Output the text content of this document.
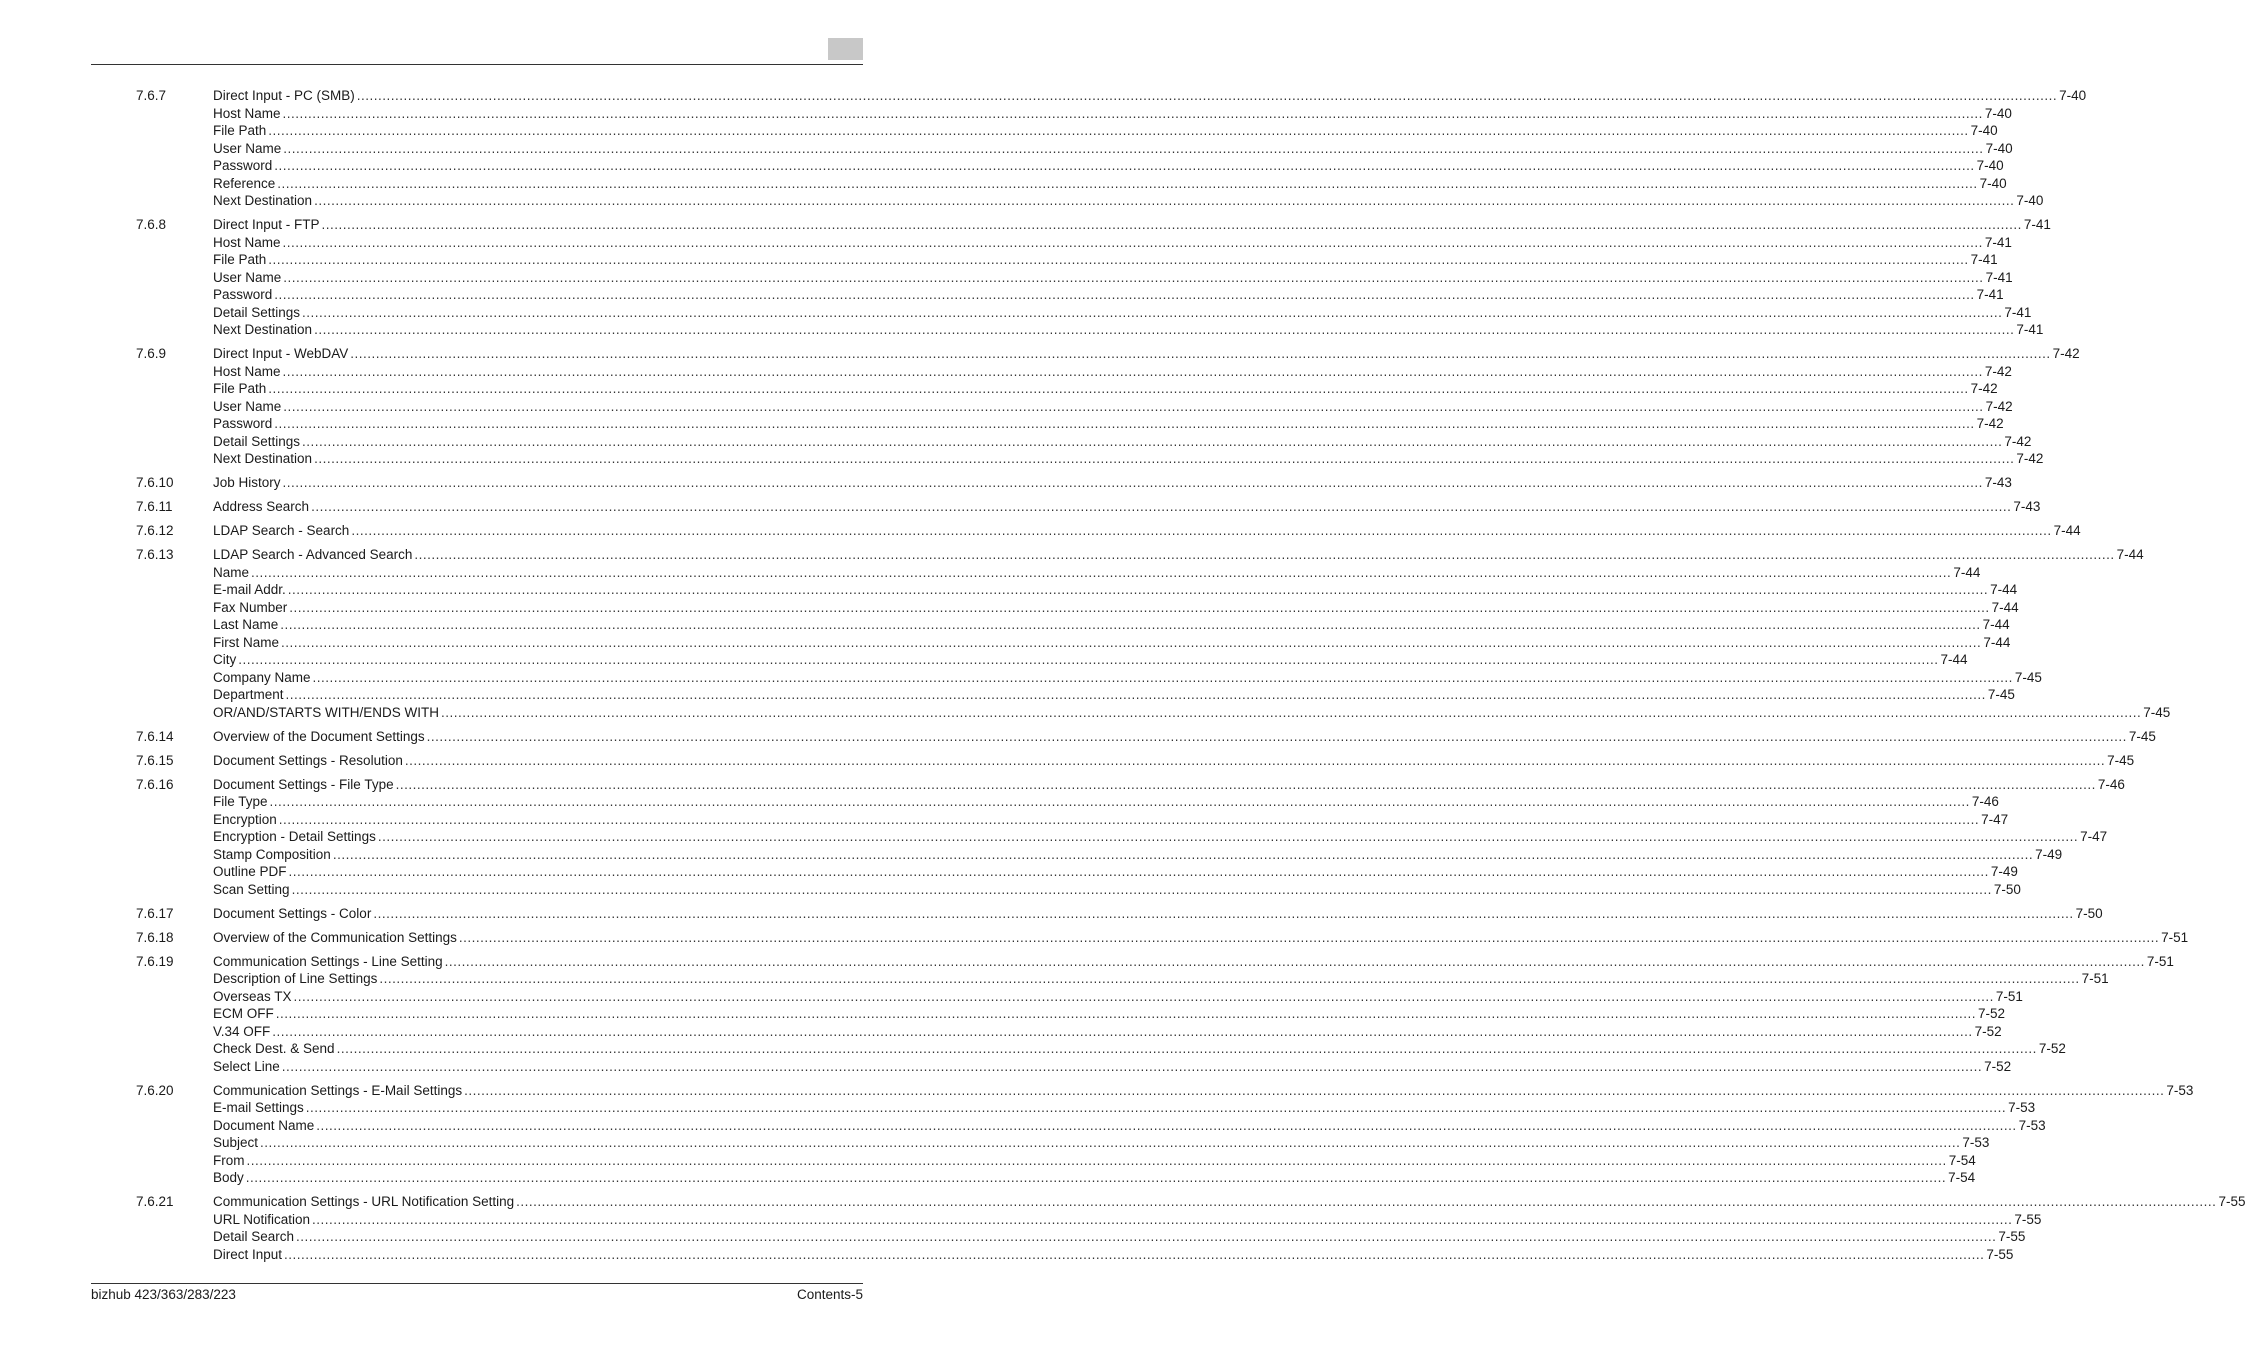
7.6.7	Direct Input - PC (SMB) ................................................................................................................................................................................................................................................................................................................................................................................................................ 7-40
Host Name ................................................................................................................................................................................................................................................................................................................................................................................................................ 7-40
File Path ................................................................................................................................................................................................................................................................................................................................................................................................................ 7-40
User Name ................................................................................................................................................................................................................................................................................................................................................................................................................ 7-40
Password ................................................................................................................................................................................................................................................................................................................................................................................................................ 7-40
Reference ................................................................................................................................................................................................................................................................................................................................................................................................................ 7-40
Next Destination ................................................................................................................................................................................................................................................................................................................................................................................................................ 7-40
7.6.8	Direct Input - FTP ................................................................................................................................................................................................................................................................................................................................................................................................................ 7-41
Host Name ................................................................................................................................................................................................................................................................................................................................................................................................................ 7-41
File Path ................................................................................................................................................................................................................................................................................................................................................................................................................ 7-41
User Name ................................................................................................................................................................................................................................................................................................................................................................................................................ 7-41
Password ................................................................................................................................................................................................................................................................................................................................................................................................................ 7-41
Detail Settings ................................................................................................................................................................................................................................................................................................................................................................................................................ 7-41
Next Destination ................................................................................................................................................................................................................................................................................................................................................................................................................ 7-41
7.6.9	Direct Input - WebDAV ................................................................................................................................................................................................................................................................................................................................................................................................................ 7-42
Host Name ................................................................................................................................................................................................................................................................................................................................................................................................................ 7-42
File Path ................................................................................................................................................................................................................................................................................................................................................................................................................ 7-42
User Name ................................................................................................................................................................................................................................................................................................................................................................................................................ 7-42
Password ................................................................................................................................................................................................................................................................................................................................................................................................................ 7-42
Detail Settings ................................................................................................................................................................................................................................................................................................................................................................................................................ 7-42
Next Destination ................................................................................................................................................................................................................................................................................................................................................................................................................ 7-42
7.6.10	Job History ................................................................................................................................................................................................................................................................................................................................................................................................................ 7-43
7.6.11	Address Search ................................................................................................................................................................................................................................................................................................................................................................................................................ 7-43
7.6.12	LDAP Search - Search ................................................................................................................................................................................................................................................................................................................................................................................................................ 7-44
7.6.13	LDAP Search - Advanced Search ................................................................................................................................................................................................................................................................................................................................................................................................................ 7-44
Name ................................................................................................................................................................................................................................................................................................................................................................................................................ 7-44
E-mail Addr. ................................................................................................................................................................................................................................................................................................................................................................................................................ 7-44
Fax Number ................................................................................................................................................................................................................................................................................................................................................................................................................ 7-44
Last Name ................................................................................................................................................................................................................................................................................................................................................................................................................ 7-44
First Name ................................................................................................................................................................................................................................................................................................................................................................................................................ 7-44
City ................................................................................................................................................................................................................................................................................................................................................................................................................ 7-44
Company Name ................................................................................................................................................................................................................................................................................................................................................................................................................ 7-45
Department ................................................................................................................................................................................................................................................................................................................................................................................................................ 7-45
OR/AND/STARTS WITH/ENDS WITH ................................................................................................................................................................................................................................................................................................................................................................................................................ 7-45
7.6.14	Overview of the Document Settings ................................................................................................................................................................................................................................................................................................................................................................................................................ 7-45
7.6.15	Document Settings - Resolution ................................................................................................................................................................................................................................................................................................................................................................................................................ 7-45
7.6.16	Document Settings - File Type ................................................................................................................................................................................................................................................................................................................................................................................................................ 7-46
File Type ................................................................................................................................................................................................................................................................................................................................................................................................................ 7-46
Encryption ................................................................................................................................................................................................................................................................................................................................................................................................................ 7-47
Encryption - Detail Settings ................................................................................................................................................................................................................................................................................................................................................................................................................ 7-47
Stamp Composition ................................................................................................................................................................................................................................................................................................................................................................................................................ 7-49
Outline PDF ................................................................................................................................................................................................................................................................................................................................................................................................................ 7-49
Scan Setting ................................................................................................................................................................................................................................................................................................................................................................................................................ 7-50
7.6.17	Document Settings - Color ................................................................................................................................................................................................................................................................................................................................................................................................................ 7-50
7.6.18	Overview of the Communication Settings ................................................................................................................................................................................................................................................................................................................................................................................................................ 7-51
7.6.19	Communication Settings - Line Setting ................................................................................................................................................................................................................................................................................................................................................................................................................ 7-51
Description of Line Settings ................................................................................................................................................................................................................................................................................................................................................................................................................ 7-51
Overseas TX ................................................................................................................................................................................................................................................................................................................................................................................................................ 7-51
ECM OFF ................................................................................................................................................................................................................................................................................................................................................................................................................ 7-52
V.34 OFF ................................................................................................................................................................................................................................................................................................................................................................................................................ 7-52
Check Dest. & Send ................................................................................................................................................................................................................................................................................................................................................................................................................ 7-52
Select Line ................................................................................................................................................................................................................................................................................................................................................................................................................ 7-52
7.6.20	Communication Settings - E-Mail Settings ................................................................................................................................................................................................................................................................................................................................................................................................................ 7-53
E-mail Settings ................................................................................................................................................................................................................................................................................................................................................................................................................ 7-53
Document Name ................................................................................................................................................................................................................................................................................................................................................................................................................ 7-53
Subject ................................................................................................................................................................................................................................................................................................................................................................................................................ 7-53
From ................................................................................................................................................................................................................................................................................................................................................................................................................ 7-54
Body ................................................................................................................................................................................................................................................................................................................................................................................................................ 7-54
7.6.21	Communication Settings - URL Notification Setting ................................................................................................................................................................................................................................................................................................................................................................................................................ 7-55
URL Notification ................................................................................................................................................................................................................................................................................................................................................................................................................ 7-55
Detail Search ................................................................................................................................................................................................................................................................................................................................................................................................................ 7-55
Direct Input ................................................................................................................................................................................................................................................................................................................................................................................................................ 7-55
bizhub 423/363/283/223	Contents-5
